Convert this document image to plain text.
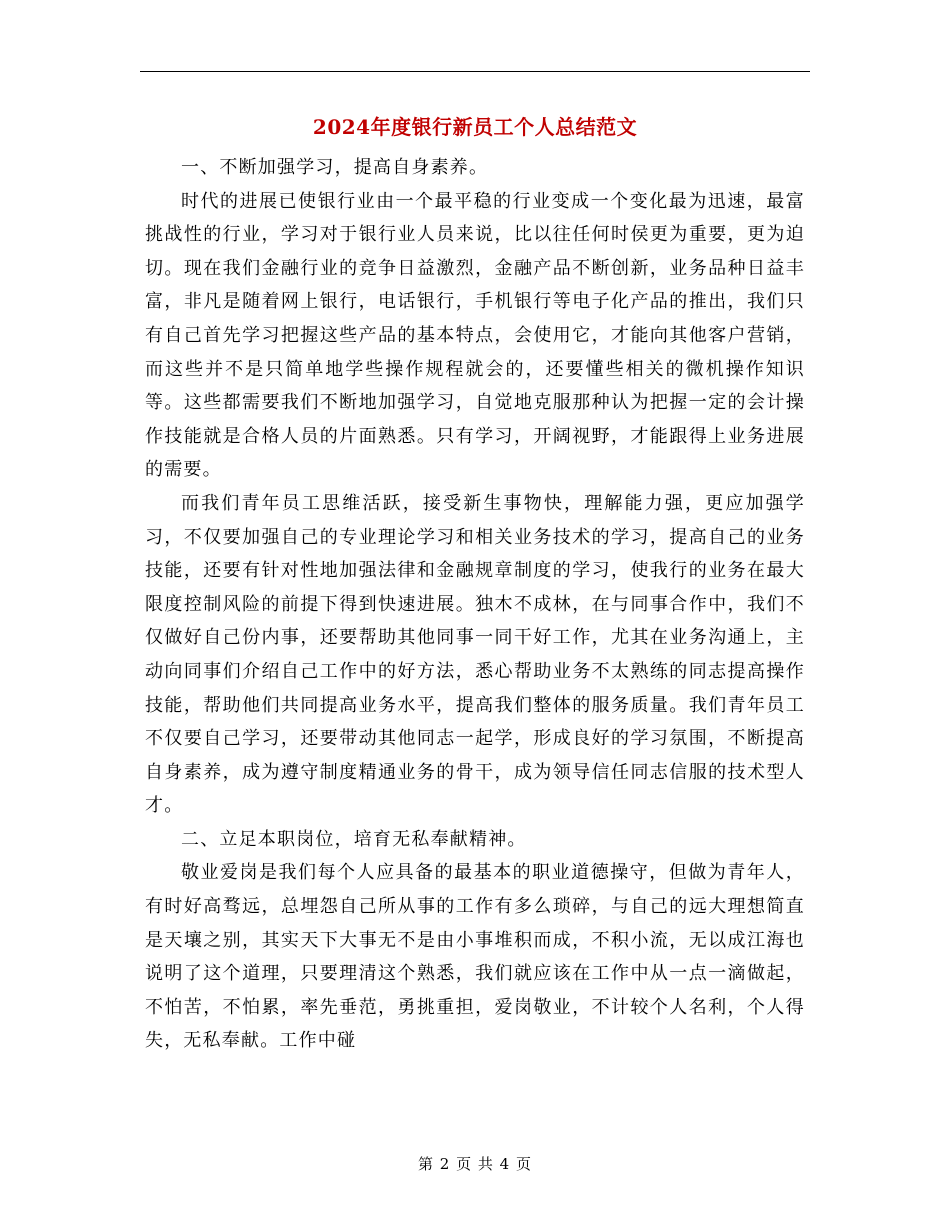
2024年度银行新员工个人总结范文

一、不断加强学习，提高自身素养。

时代的进展已使银行业由一个最平稳的行业变成一个变化最为迅速，最富挑战性的行业，学习对于银行业人员来说，比以往任何时侯更为重要，更为迫切。现在我们金融行业的竞争日益激烈，金融产品不断创新，业务品种日益丰富，非凡是随着网上银行，电话银行，手机银行等电子化产品的推出，我们只有自己首先学习把握这些产品的基本特点，会使用它，才能向其他客户营销，而这些并不是只简单地学些操作规程就会的，还要懂些相关的微机操作知识等。这些都需要我们不断地加强学习，自觉地克服那种认为把握一定的会计操作技能就是合格人员的片面熟悉。只有学习，开阔视野，才能跟得上业务进展的需要。

而我们青年员工思维活跃，接受新生事物快，理解能力强，更应加强学习，不仅要加强自己的专业理论学习和相关业务技术的学习，提高自己的业务技能，还要有针对性地加强法律和金融规章制度的学习，使我行的业务在最大限度控制风险的前提下得到快速进展。独木不成林，在与同事合作中，我们不仅做好自己份内事，还要帮助其他同事一同干好工作，尤其在业务沟通上，主动向同事们介绍自己工作中的好方法，悉心帮助业务不太熟练的同志提高操作技能，帮助他们共同提高业务水平，提高我们整体的服务质量。我们青年员工不仅要自己学习，还要带动其他同志一起学，形成良好的学习氛围，不断提高自身素养，成为遵守制度精通业务的骨干，成为领导信任同志信服的技术型人才。

二、立足本职岗位，培育无私奉献精神。

敬业爱岗是我们每个人应具备的最基本的职业道德操守，但做为青年人，有时好高骛远，总埋怨自己所从事的工作有多么琐碎，与自己的远大理想简直是天壤之别，其实天下大事无不是由小事堆积而成，不积小流，无以成江海也说明了这个道理，只要理清这个熟悉，我们就应该在工作中从一点一滴做起，不怕苦，不怕累，率先垂范，勇挑重担，爱岗敬业，不计较个人名利，个人得失，无私奉献。工作中碰

第 2 页 共 4 页
